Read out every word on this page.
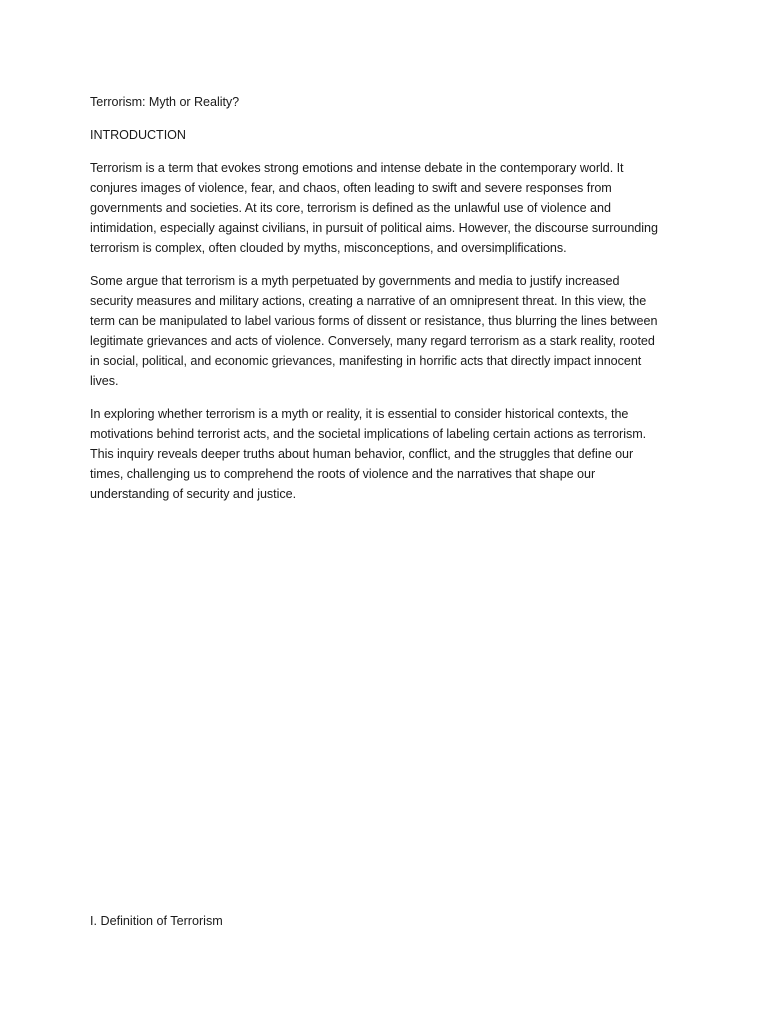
Terrorism: Myth or Reality?

INTRODUCTION

Terrorism is a term that evokes strong emotions and intense debate in the contemporary world. It

conjures images of violence, fear, and chaos, often leading to swift and severe responses from

governments and societies. At its core, terrorism is defined as the unlawful use of violence and

intimidation, especially against civilians, in pursuit of political aims. However, the discourse surrounding

terrorism is complex, often clouded by myths, misconceptions, and oversimplifications.

Some argue that terrorism is a myth perpetuated by governments and media to justify increased

security measures and military actions, creating a narrative of an omnipresent threat. In this view, the

term can be manipulated to label various forms of dissent or resistance, thus blurring the lines between

legitimate grievances and acts of violence. Conversely, many regard terrorism as a stark reality, rooted

in social, political, and economic grievances, manifesting in horrific acts that directly impact innocent

lives.

In exploring whether terrorism is a myth or reality, it is essential to consider historical contexts, the

motivations behind terrorist acts, and the societal implications of labeling certain actions as terrorism.

This inquiry reveals deeper truths about human behavior, conflict, and the struggles that define our

times, challenging us to comprehend the roots of violence and the narratives that shape our

understanding of security and justice.

I. Definition of Terrorism
